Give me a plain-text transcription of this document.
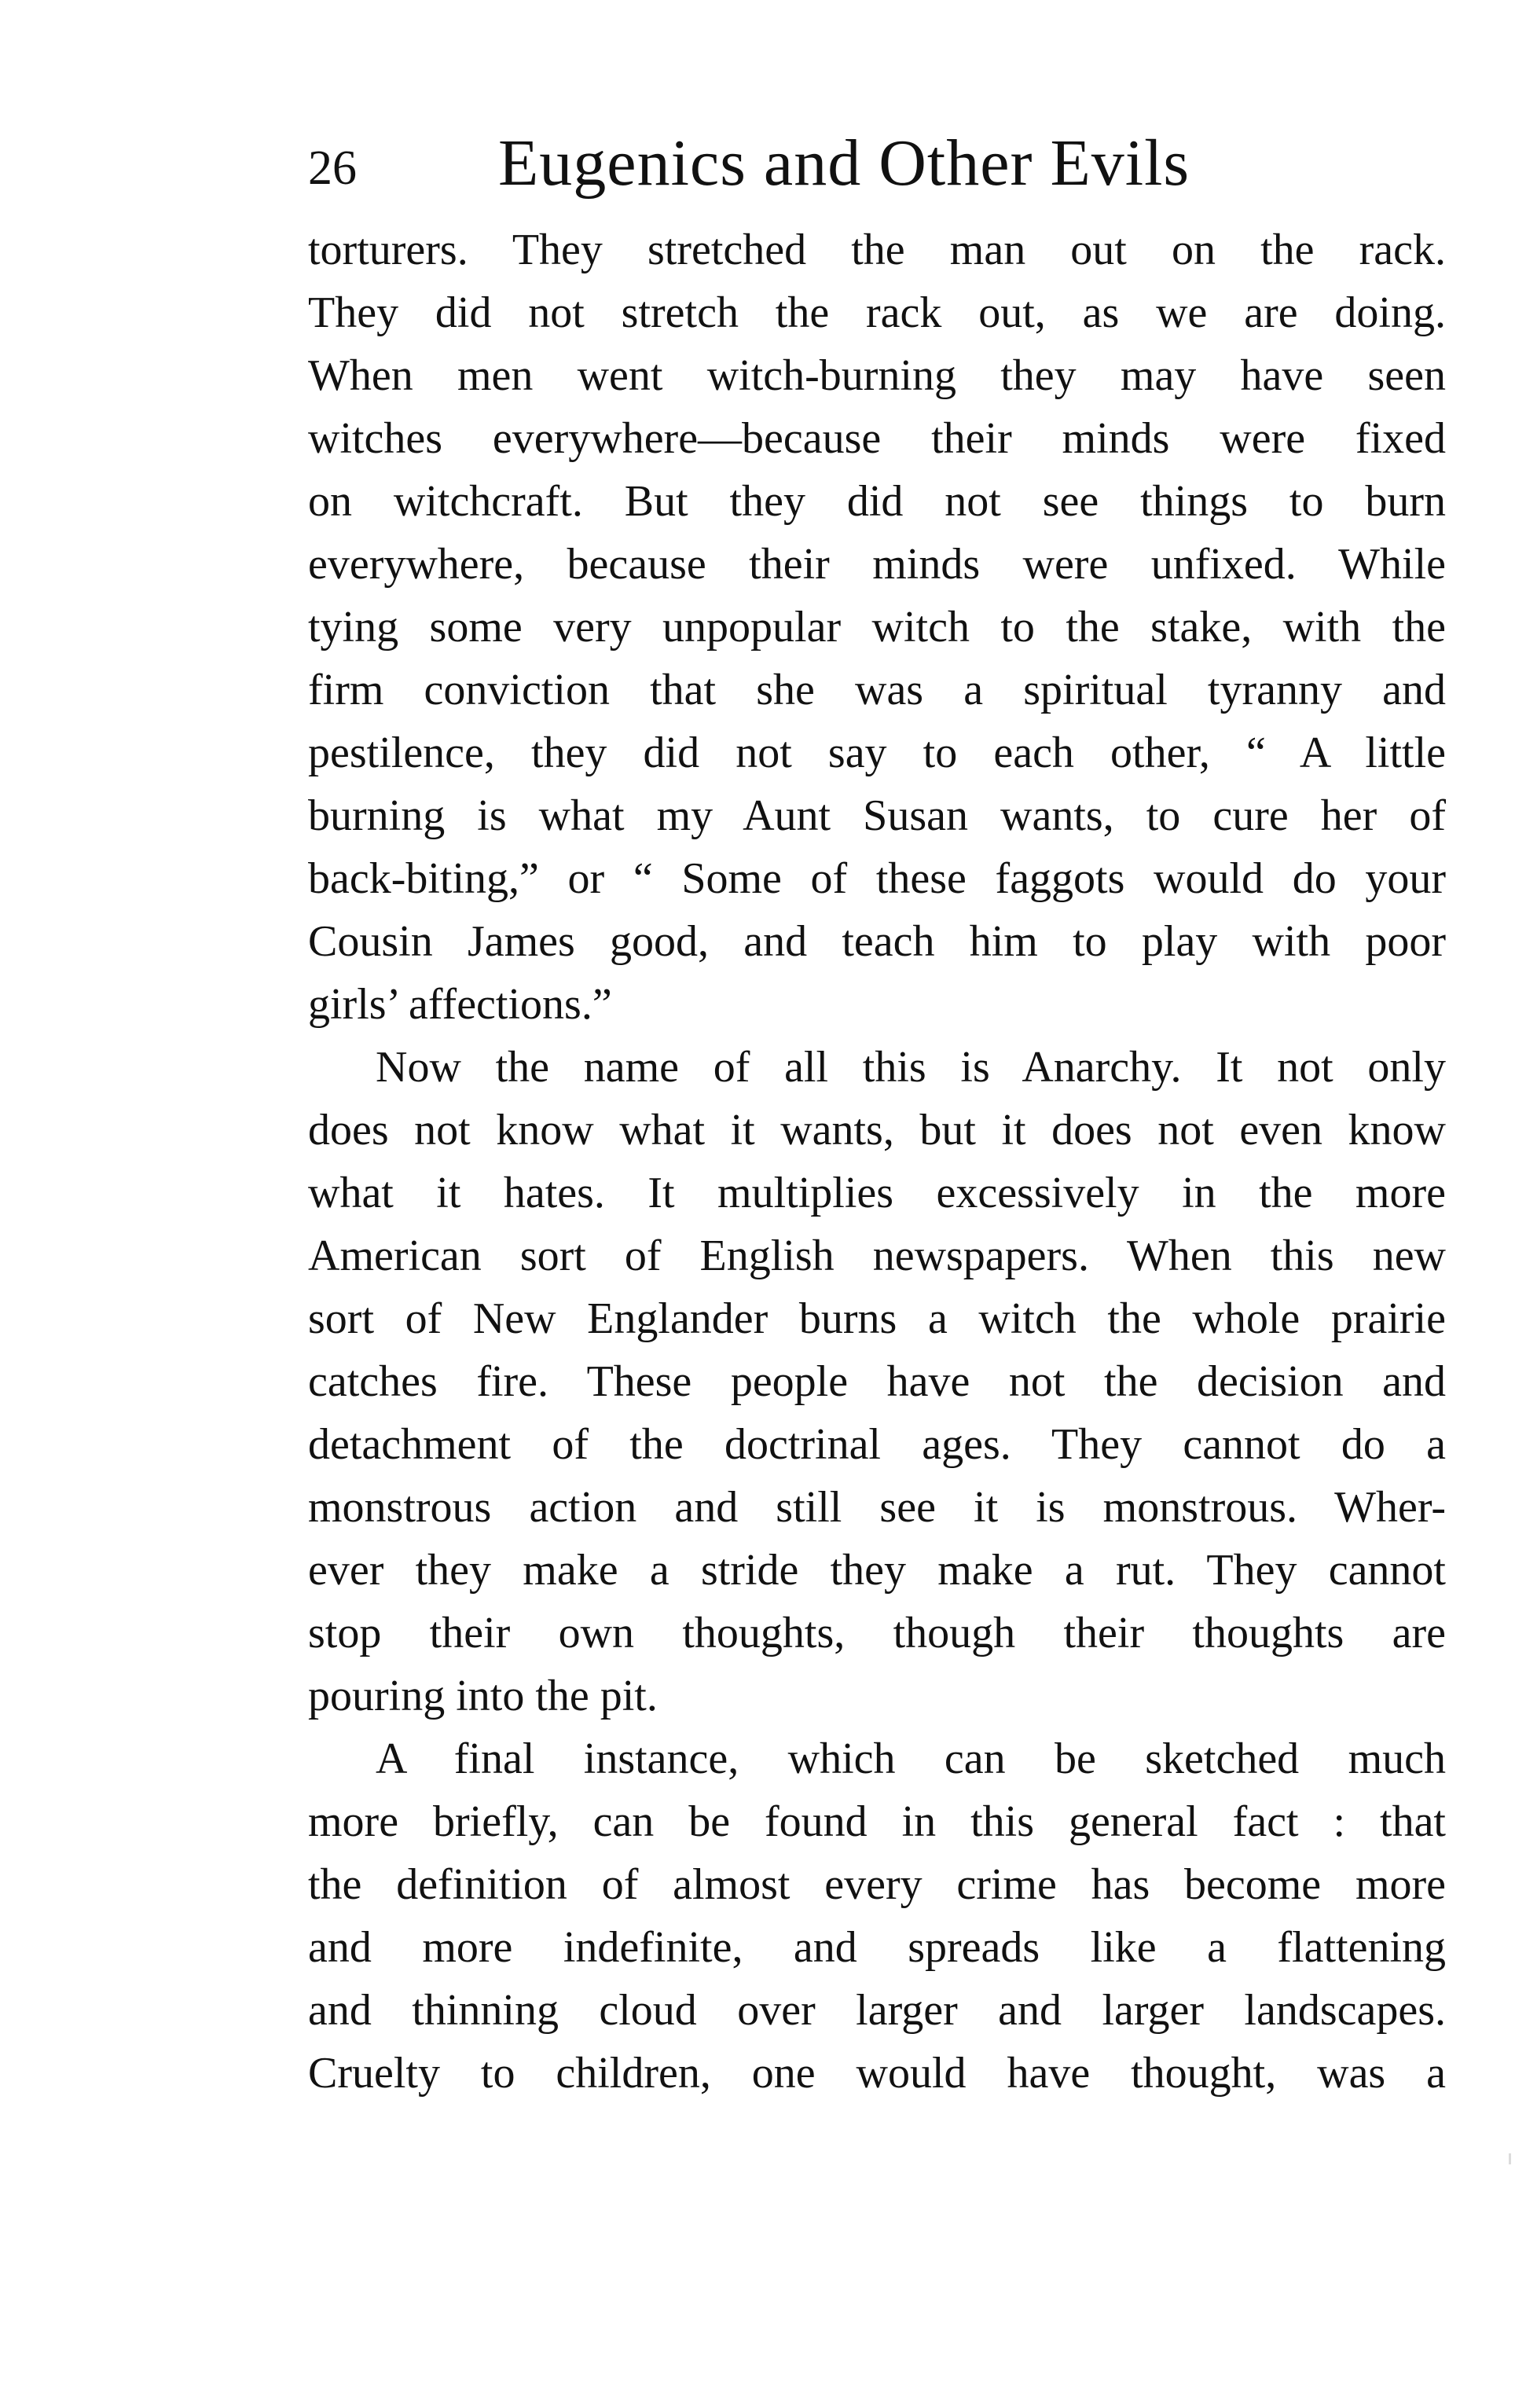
26 Eugenics and Other Evils
torturers. They stretched the man out on the rack.
They did not stretch the rack out, as we are doing.
When men went witch-burning they may have seen
witches everywhere—because their minds were fixed
on witchcraft. But they did not see things to burn
everywhere, because their minds were unfixed. While
tying some very unpopular witch to the stake, with the
firm conviction that she was a spiritual tyranny and
pestilence, they did not say to each other, “ A little
burning is what my Aunt Susan wants, to cure her of
back-biting,” or “ Some of these faggots would do your
Cousin James good, and teach him to play with poor
girls’ affections.”
Now the name of all this is Anarchy. It not only
does not know what it wants, but it does not even know
what it hates. It multiplies excessively in the more
American sort of English newspapers. When this new
sort of New Englander burns a witch the whole prairie
catches fire. These people have not the decision and
detachment of the doctrinal ages. They cannot do a
monstrous action and still see it is monstrous. Wher-
ever they make a stride they make a rut. They cannot
stop their own thoughts, though their thoughts are
pouring into the pit.
A final instance, which can be sketched much
more briefly, can be found in this general fact : that
the definition of almost every crime has become more
and more indefinite, and spreads like a flattening
and thinning cloud over larger and larger landscapes.
Cruelty to children, one would have thought, was a
